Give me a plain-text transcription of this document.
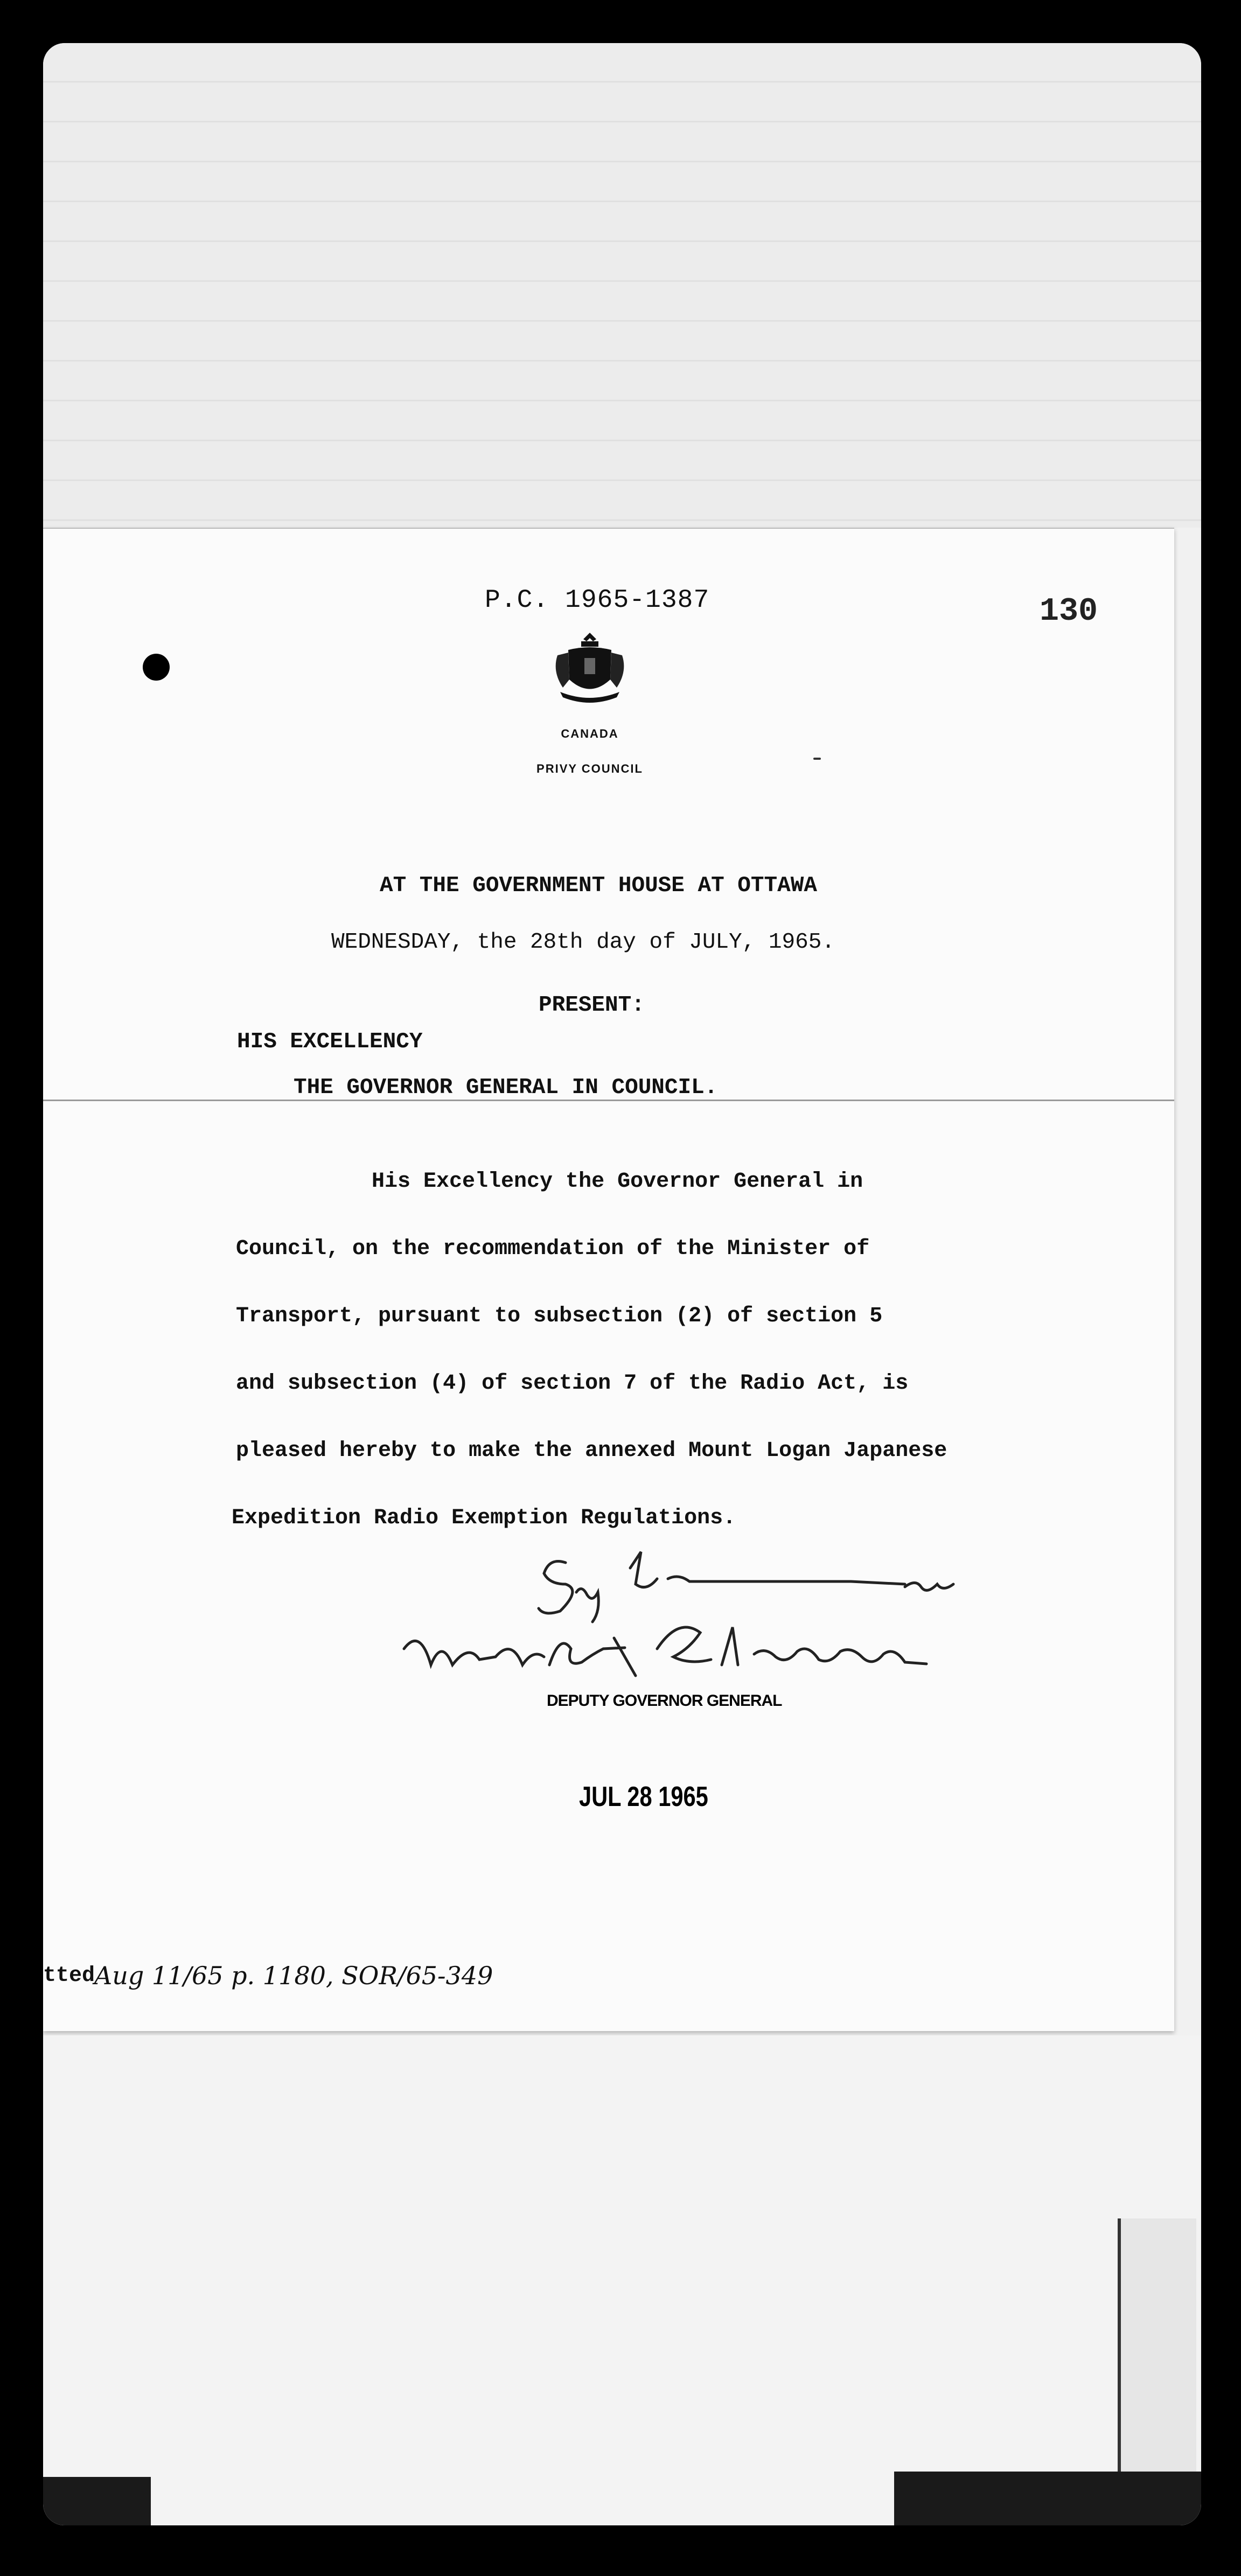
P.C. 1965-1387	130
CANADA
PRIVY COUNCIL
AT THE GOVERNMENT HOUSE AT OTTAWA
WEDNESDAY, the 28th day of JULY, 1965.
PRESENT:
HIS EXCELLENCY
THE GOVERNOR GENERAL IN COUNCIL.
His Excellency the Governor General in
Council, on the recommendation of the Minister of
Transport, pursuant to subsection (2) of section 5
and subsection (4) of section 7 of the Radio Act, is
pleased hereby to make the annexed Mount Logan Japanese
Expedition Radio Exemption Regulations.
DEPUTY GOVERNOR GENERAL
JUL 28 1965
tted
Aug 11/65 p. 1180, SOR/65-349
